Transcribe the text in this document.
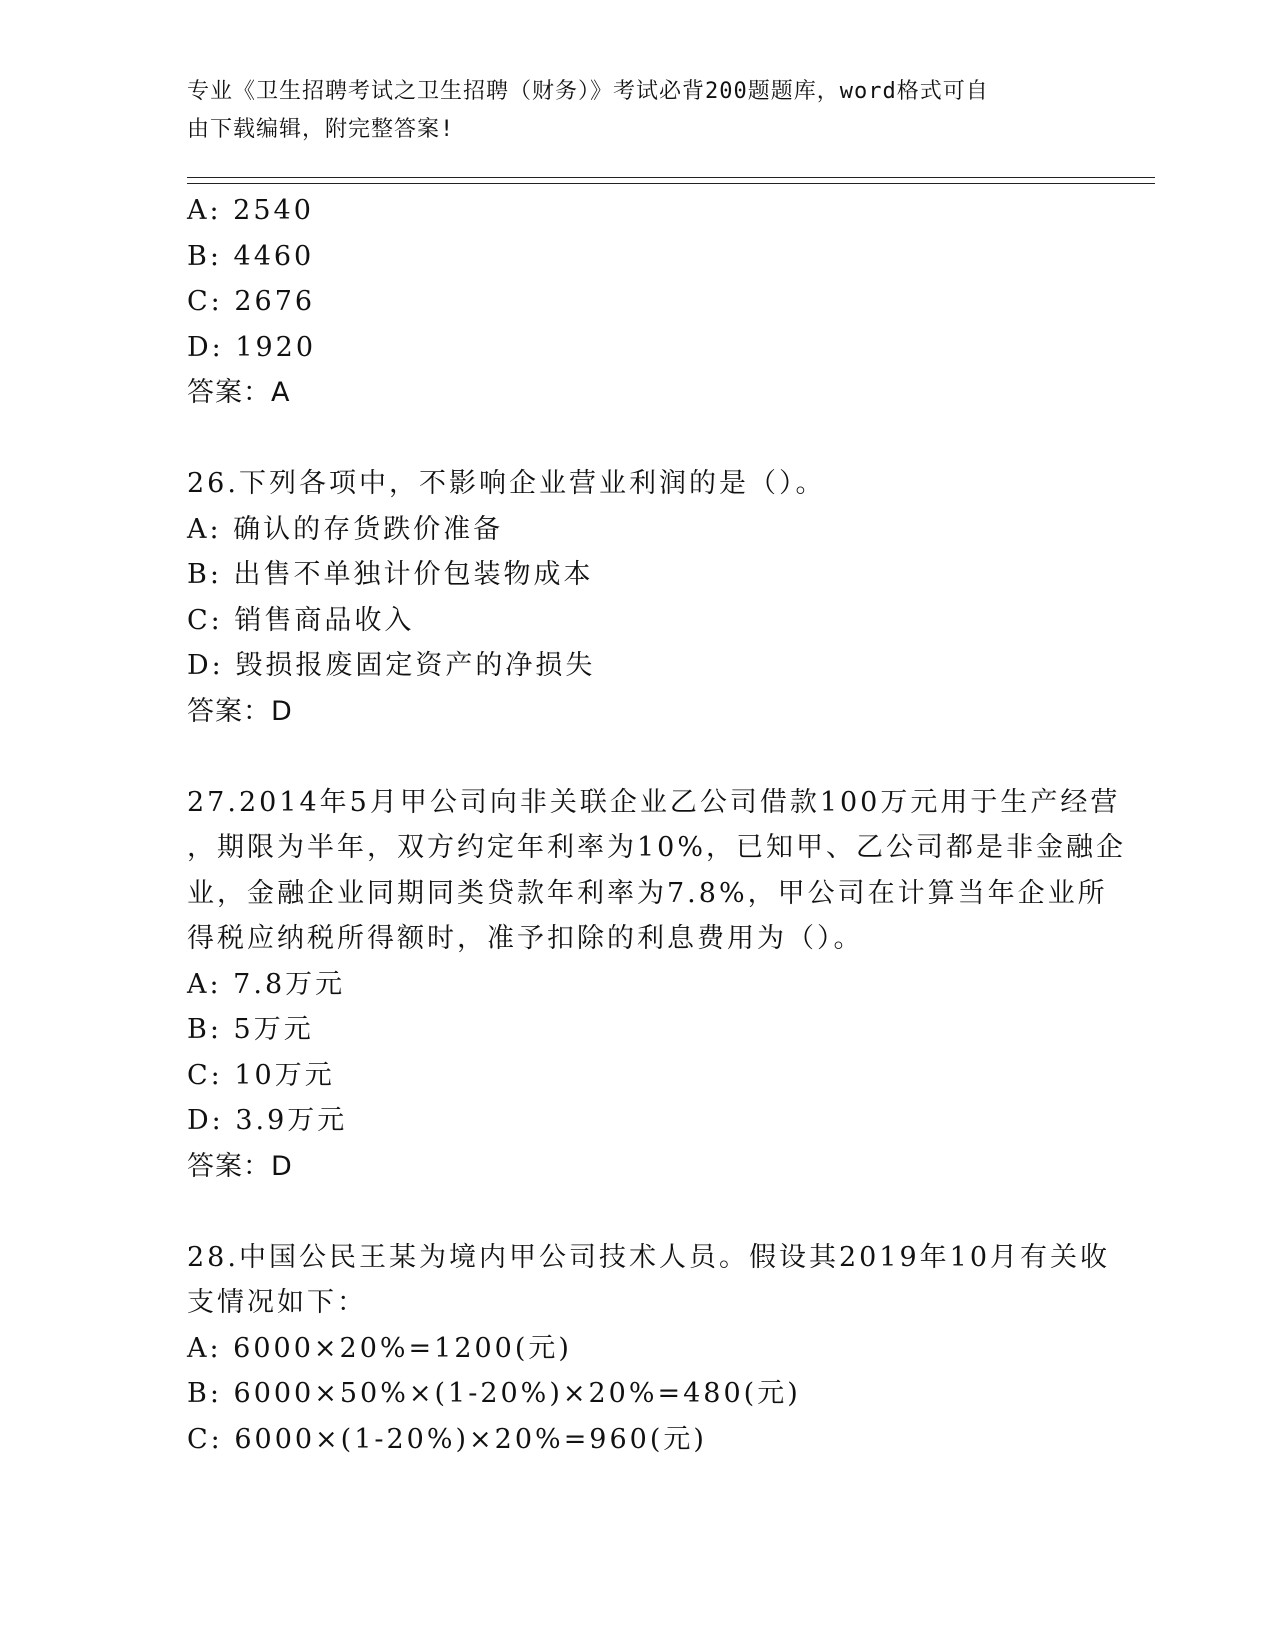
专业《卫生招聘考试之卫生招聘（财务）》考试必背200题题库，word格式可自
由下载编辑，附完整答案!
A: 2540
B: 4460
C: 2676
D: 1920
答案：A
26.下列各项中，不影响企业营业利润的是（）。
A: 确认的存货跌价准备
B: 出售不单独计价包装物成本
C: 销售商品收入
D: 毁损报废固定资产的净损失
答案：D
27.2014年5月甲公司向非关联企业乙公司借款100万元用于生产经营
，期限为半年，双方约定年利率为10%，已知甲、乙公司都是非金融企
业，金融企业同期同类贷款年利率为7.8%，甲公司在计算当年企业所
得税应纳税所得额时，准予扣除的利息费用为（）。
A: 7.8万元
B: 5万元
C: 10万元
D: 3.9万元
答案：D
28.中国公民王某为境内甲公司技术人员。假设其2019年10月有关收
支情况如下：
A: 6000×20%=1200(元)
B: 6000×50%×(1-20%)×20%=480(元)
C: 6000×(1-20%)×20%=960(元)
